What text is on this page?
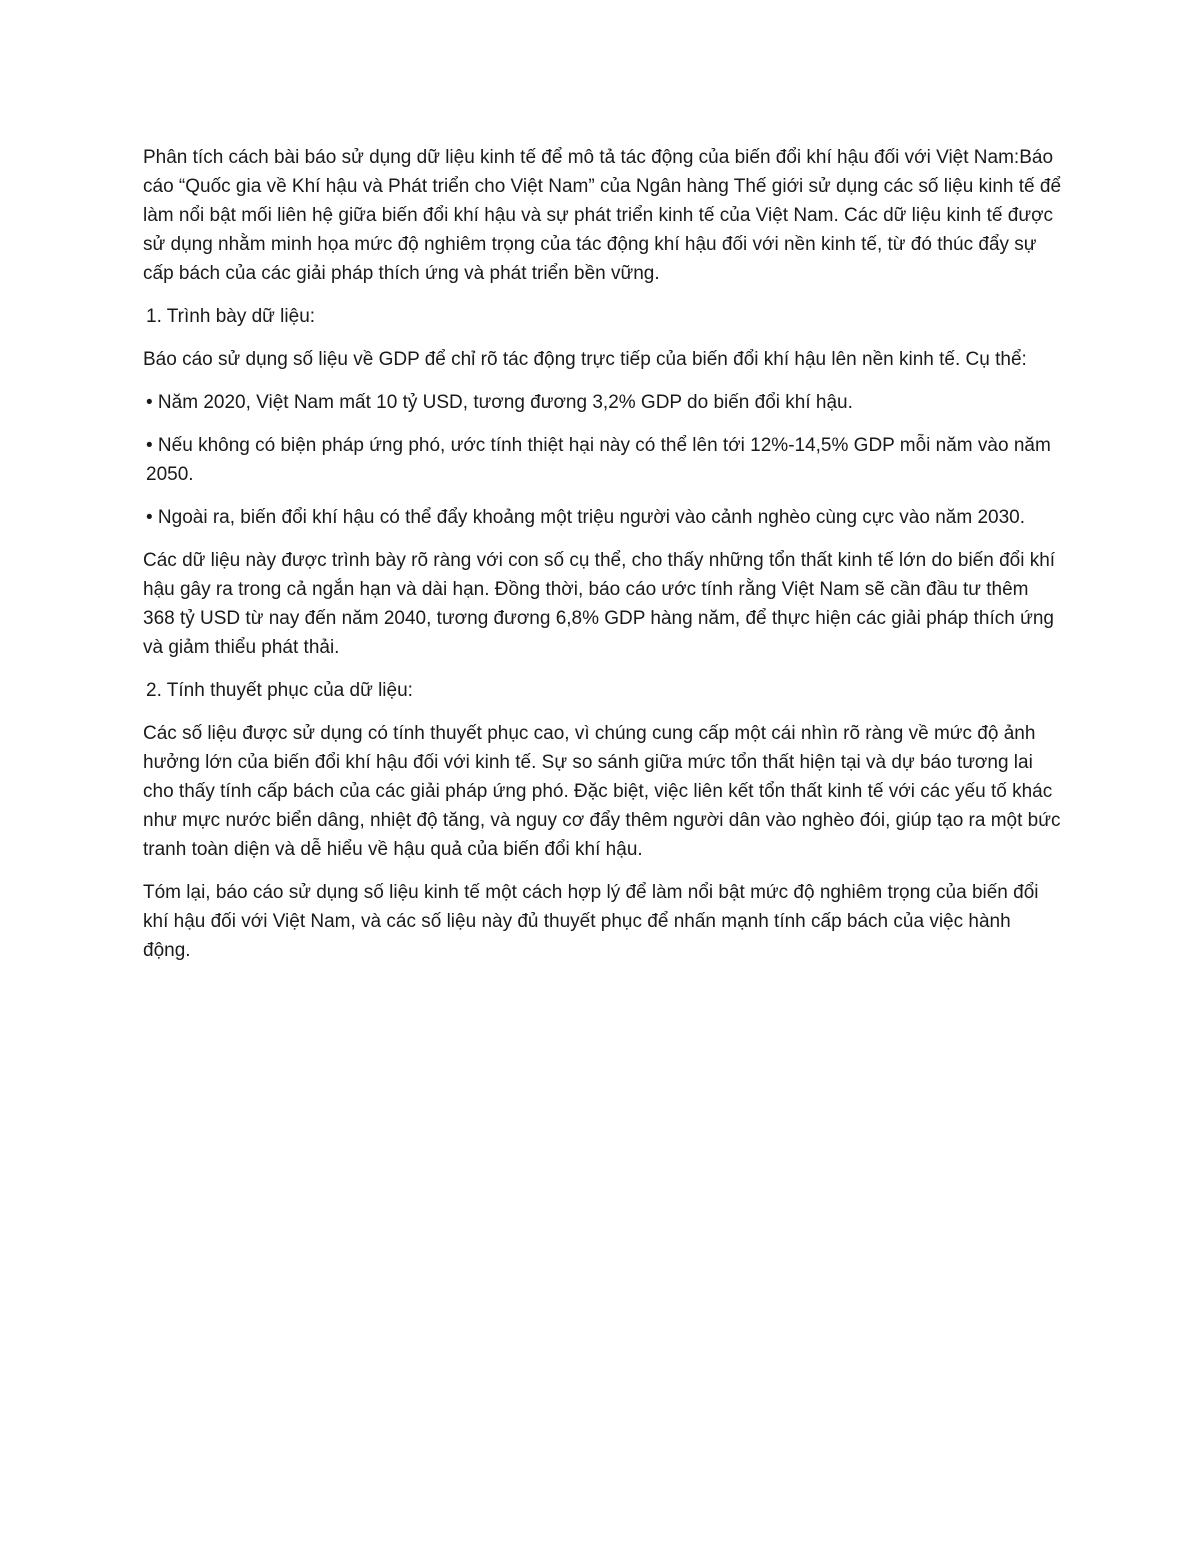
Phân tích cách bài báo sử dụng dữ liệu kinh tế để mô tả tác động của biến đổi khí hậu đối với Việt Nam:Báo cáo “Quốc gia về Khí hậu và Phát triển cho Việt Nam” của Ngân hàng Thế giới sử dụng các số liệu kinh tế để làm nổi bật mối liên hệ giữa biến đổi khí hậu và sự phát triển kinh tế của Việt Nam. Các dữ liệu kinh tế được sử dụng nhằm minh họa mức độ nghiêm trọng của tác động khí hậu đối với nền kinh tế, từ đó thúc đẩy sự cấp bách của các giải pháp thích ứng và phát triển bền vững.

1. Trình bày dữ liệu:

Báo cáo sử dụng số liệu về GDP để chỉ rõ tác động trực tiếp của biến đổi khí hậu lên nền kinh tế. Cụ thể:

• Năm 2020, Việt Nam mất 10 tỷ USD, tương đương 3,2% GDP do biến đổi khí hậu.

• Nếu không có biện pháp ứng phó, ước tính thiệt hại này có thể lên tới 12%-14,5% GDP mỗi năm vào năm 2050.

• Ngoài ra, biến đổi khí hậu có thể đẩy khoảng một triệu người vào cảnh nghèo cùng cực vào năm 2030.

Các dữ liệu này được trình bày rõ ràng với con số cụ thể, cho thấy những tổn thất kinh tế lớn do biến đổi khí hậu gây ra trong cả ngắn hạn và dài hạn. Đồng thời, báo cáo ước tính rằng Việt Nam sẽ cần đầu tư thêm 368 tỷ USD từ nay đến năm 2040, tương đương 6,8% GDP hàng năm, để thực hiện các giải pháp thích ứng và giảm thiểu phát thải.

2. Tính thuyết phục của dữ liệu:

Các số liệu được sử dụng có tính thuyết phục cao, vì chúng cung cấp một cái nhìn rõ ràng về mức độ ảnh hưởng lớn của biến đổi khí hậu đối với kinh tế. Sự so sánh giữa mức tổn thất hiện tại và dự báo tương lai cho thấy tính cấp bách của các giải pháp ứng phó. Đặc biệt, việc liên kết tổn thất kinh tế với các yếu tố khác như mực nước biển dâng, nhiệt độ tăng, và nguy cơ đẩy thêm người dân vào nghèo đói, giúp tạo ra một bức tranh toàn diện và dễ hiểu về hậu quả của biến đổi khí hậu.

Tóm lại, báo cáo sử dụng số liệu kinh tế một cách hợp lý để làm nổi bật mức độ nghiêm trọng của biến đổi khí hậu đối với Việt Nam, và các số liệu này đủ thuyết phục để nhấn mạnh tính cấp bách của việc hành động.
